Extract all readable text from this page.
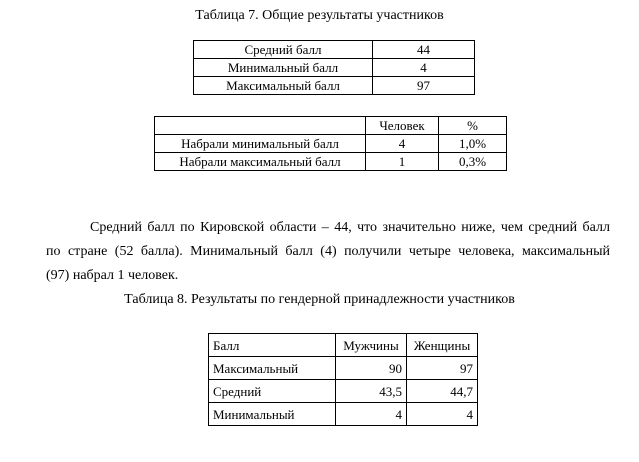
Таблица 7. Общие результаты участников
Средний балл	44
Минимальный балл	4
Максимальный балл	97
	Человек	%
Набрали минимальный балл	4	1,0%
Набрали максимальный балл	1	0,3%
Средний балл по Кировской области – 44, что значительно ниже, чем средний балл
по стране (52 балла). Минимальный балл (4) получили четыре человека, максимальный
(97) набрал 1 человек.
Таблица 8. Результаты по гендерной принадлежности участников
Балл	Мужчины	Женщины
Максимальный	90	97
Средний	43,5	44,7
Минимальный	4	4
